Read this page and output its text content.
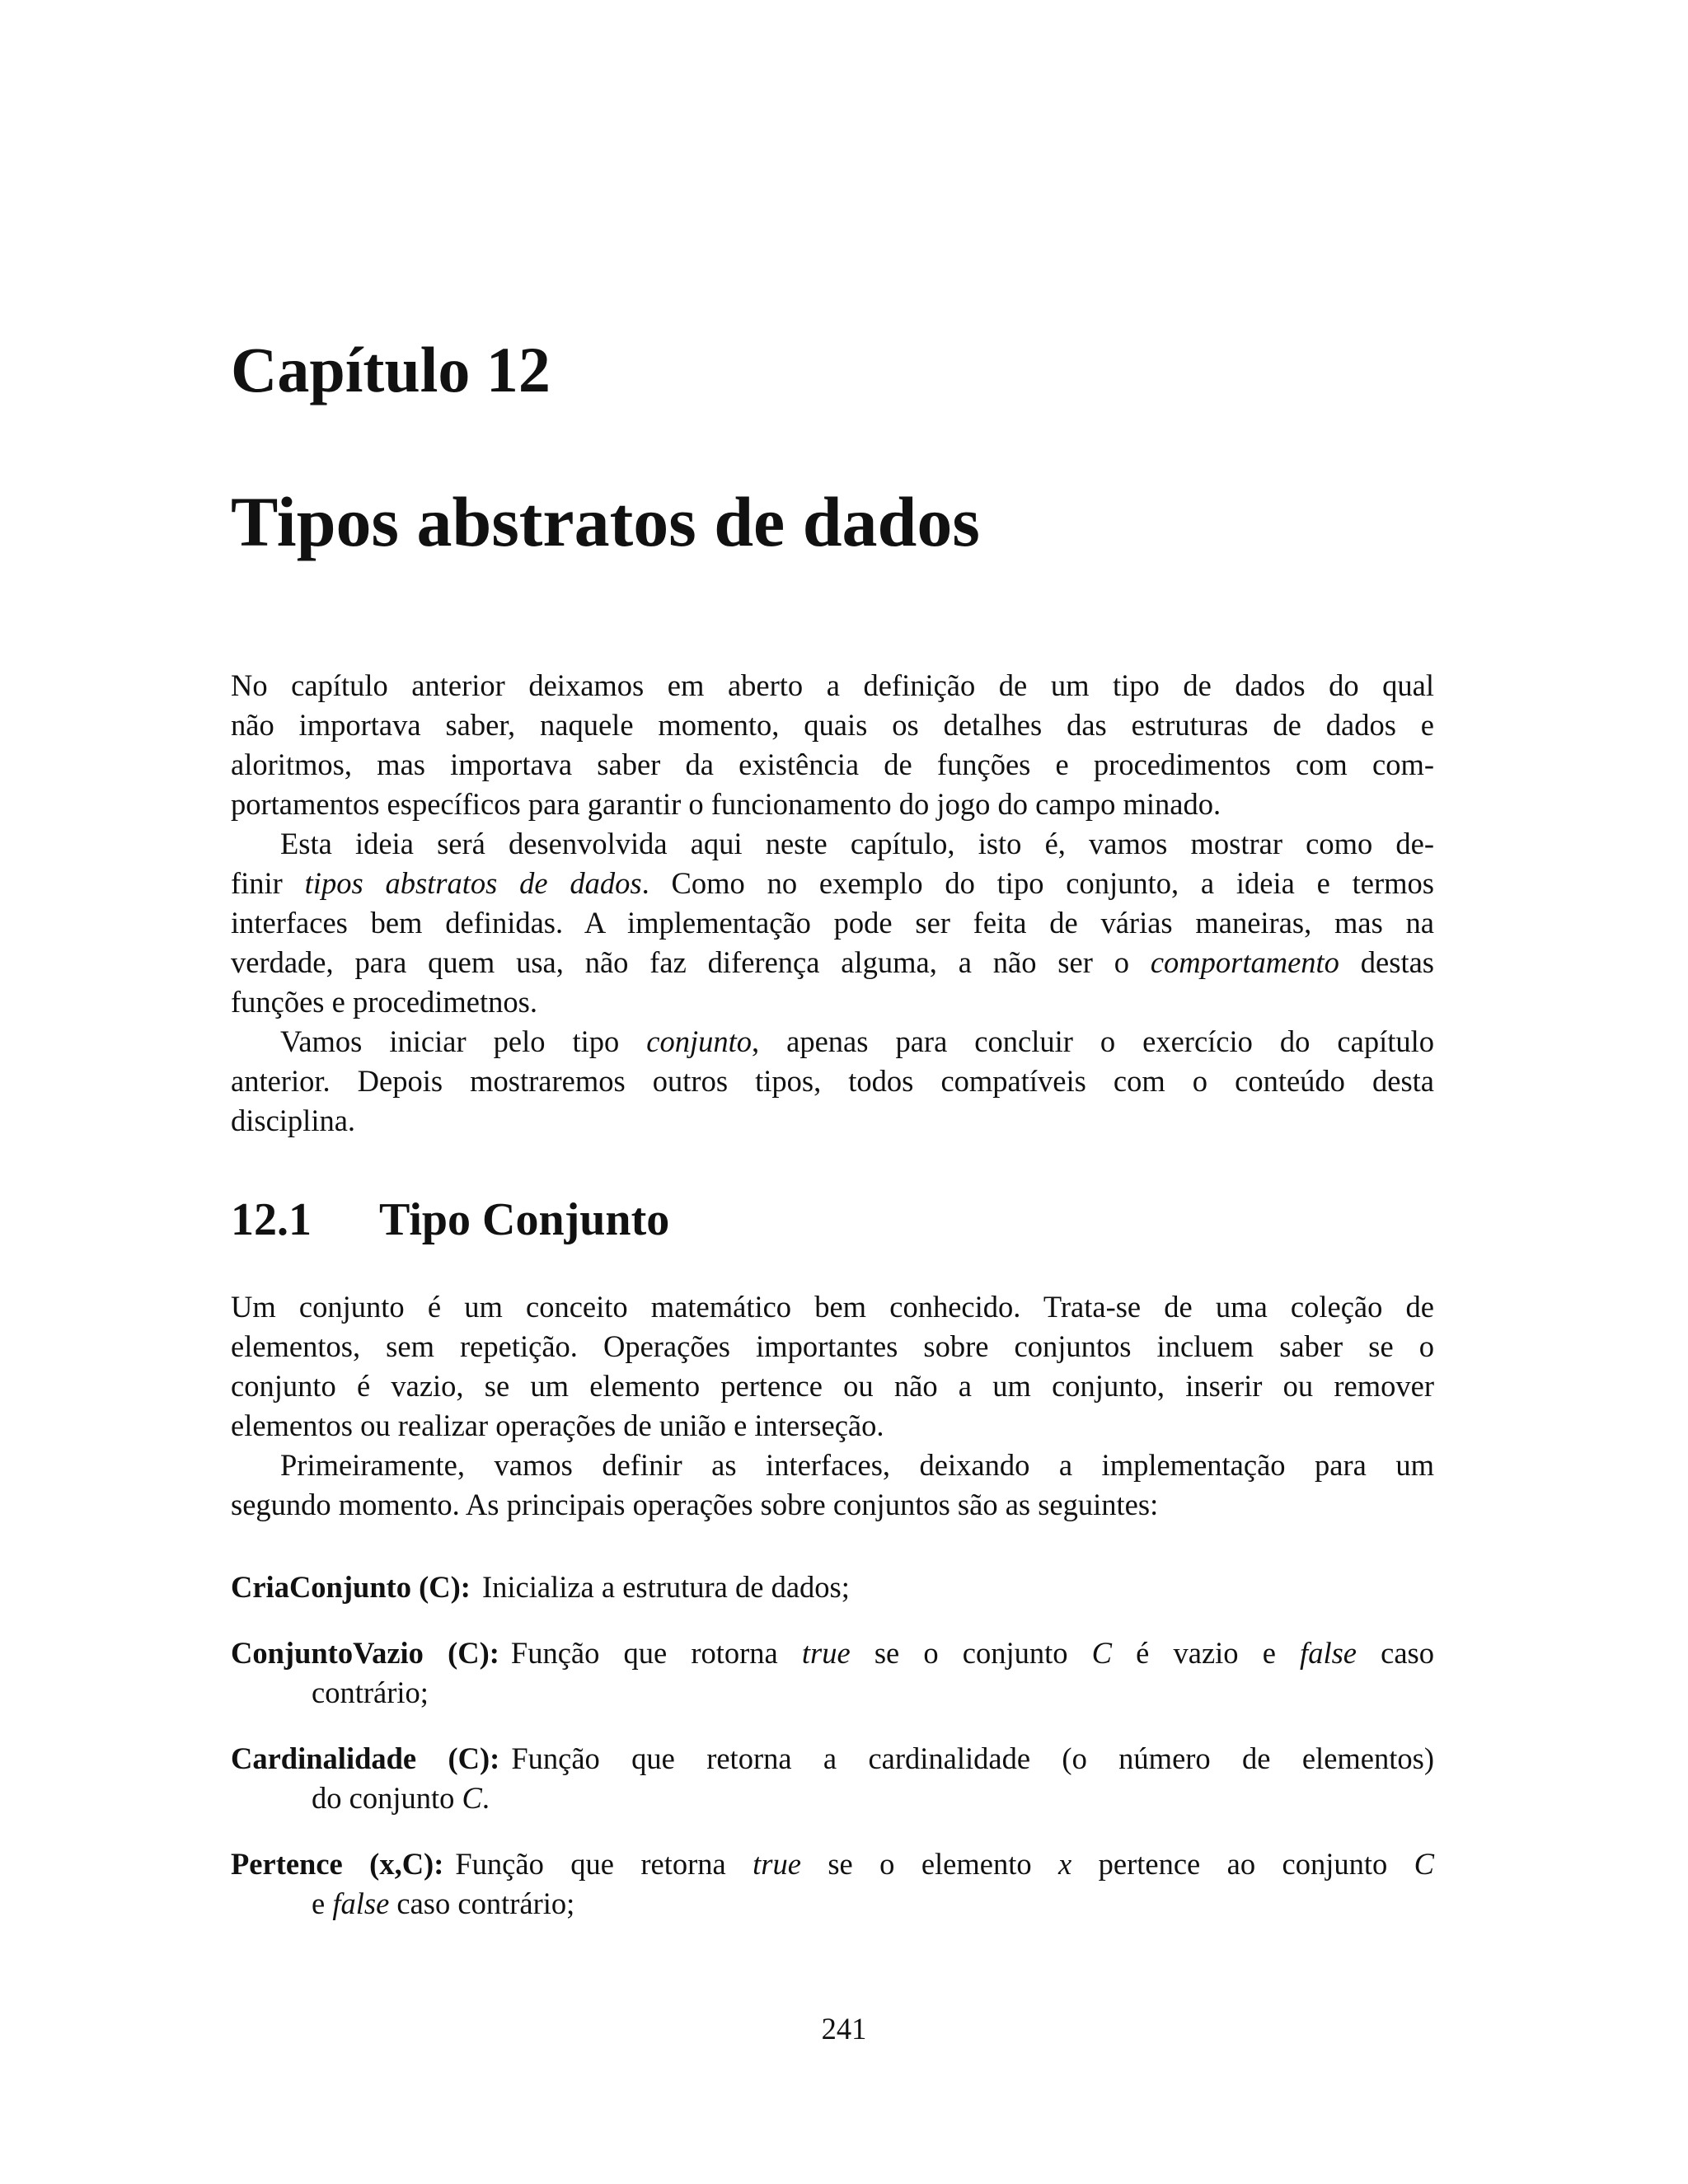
Capítulo 12
Tipos abstratos de dados
No capítulo anterior deixamos em aberto a definição de um tipo de dados do qual
não importava saber, naquele momento, quais os detalhes das estruturas de dados e
aloritmos, mas importava saber da existência de funções e procedimentos com com-
portamentos específicos para garantir o funcionamento do jogo do campo minado.
Esta ideia será desenvolvida aqui neste capítulo, isto é, vamos mostrar como de-
finir tipos abstratos de dados. Como no exemplo do tipo conjunto, a ideia e termos
interfaces bem definidas. A implementação pode ser feita de várias maneiras, mas na
verdade, para quem usa, não faz diferença alguma, a não ser o comportamento destas
funções e procedimetnos.
Vamos iniciar pelo tipo conjunto, apenas para concluir o exercício do capítulo
anterior. Depois mostraremos outros tipos, todos compatíveis com o conteúdo desta
disciplina.
12.1 Tipo Conjunto
Um conjunto é um conceito matemático bem conhecido. Trata-se de uma coleção de
elementos, sem repetição. Operações importantes sobre conjuntos incluem saber se o
conjunto é vazio, se um elemento pertence ou não a um conjunto, inserir ou remover
elementos ou realizar operações de união e interseção.
Primeiramente, vamos definir as interfaces, deixando a implementação para um
segundo momento. As principais operações sobre conjuntos são as seguintes:
CriaConjunto (C): Inicializa a estrutura de dados;
ConjuntoVazio (C): Função que rotorna true se o conjunto C é vazio e false caso
contrário;
Cardinalidade (C): Função que retorna a cardinalidade (o número de elementos)
do conjunto C.
Pertence (x,C): Função que retorna true se o elemento x pertence ao conjunto C
e false caso contrário;
241
